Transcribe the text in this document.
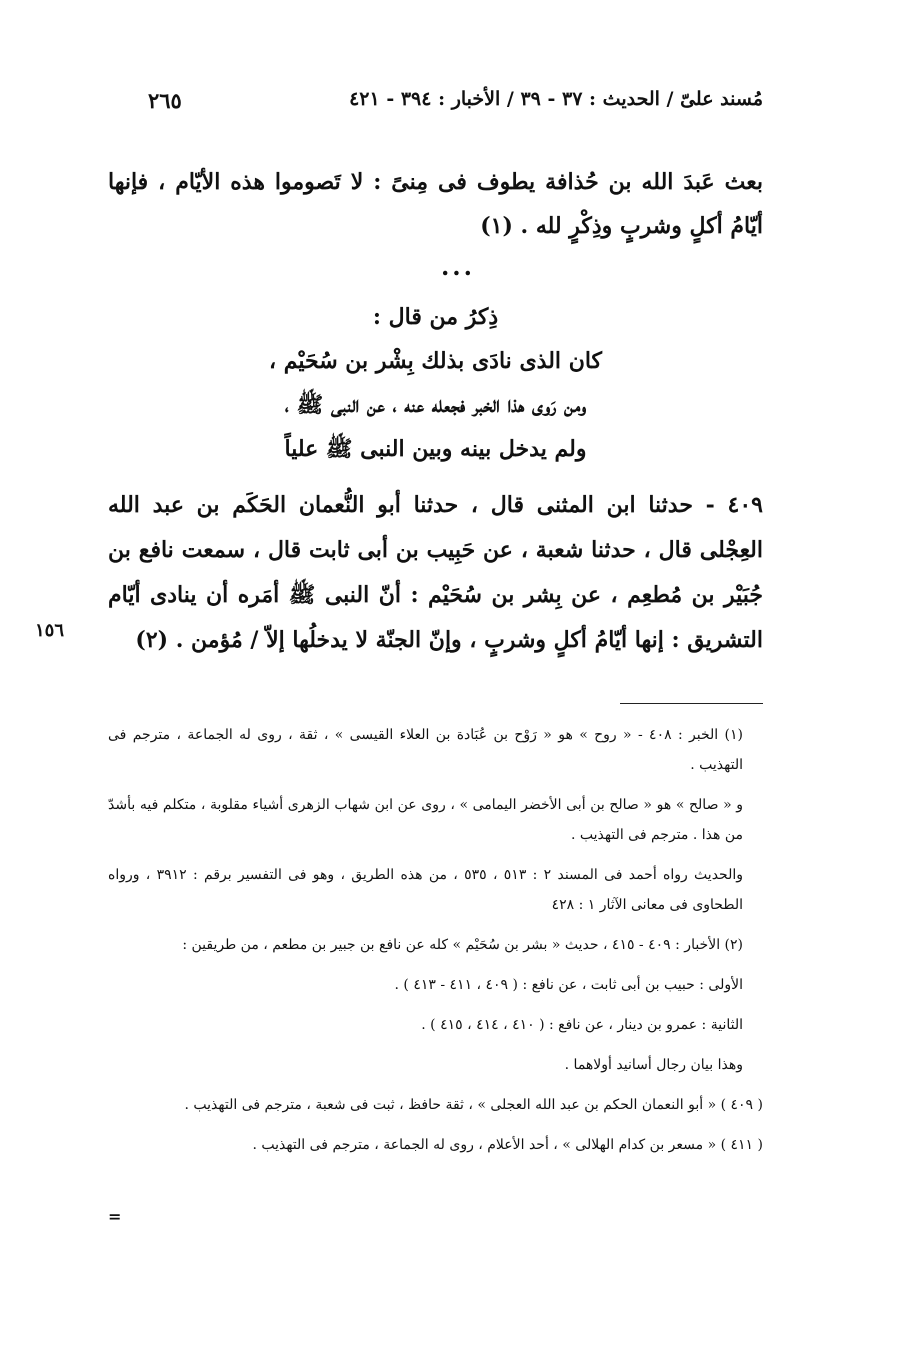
مُسند علىّ / الحديث : ٣٧ - ٣٩ / الأخبار : ٣٩٤ - ٤٢١
٢٦٥
بعث عَبدَ الله بن حُذافة يطوف فى مِنىً : لا تَصوموا هذه الأيّام ، فإنها أيّامُ أكلٍ وشربٍ وذِكْرٍ لله . (١)
...
ذِكرُ من قال :
كان الذى نادَى بذلك بِشْر بن سُحَيْم ،
ومن رَوى هذا الخبر فجعله عنه ، عن النبى ﷺ ،
ولم يدخل بينه وبين النبى ﷺ علياً
٤٠٩ - حدثنا ابن المثنى قال ، حدثنا أبو النُّعمان الحَكَم بن عبد الله العِجْلى قال ، حدثنا شعبة ، عن حَبِيب بن أبى ثابت قال ، سمعت نافع بن جُبَيْر بن مُطعِم ، عن بِشر بن سُحَيْم : أنّ النبى ﷺ أمَره أن ينادى أيّام التشريق : إنها أيّامُ أكلٍ وشربٍ ، وإنّ الجنّة لا يدخلُها إلاّ / مُؤمن . (٢)
١٥٦
(١) الخبر : ٤٠٨ - « روح » هو « رَوْح بن عُبَادة بن العلاء القيسى » ، ثقة ، روى له الجماعة ، مترجم فى التهذيب .
و « صالح » هو « صالح بن أبى الأخضر اليمامى » ، روى عن ابن شهاب الزهرى أشياء مقلوبة ، متكلم فيه بأشدّ من هذا . مترجم فى التهذيب .
والحديث رواه أحمد فى المسند ٢ : ٥١٣ ، ٥٣٥ ، من هذه الطريق ، وهو فى التفسير برقم : ٣٩١٢ ، ورواه الطحاوى فى معانى الآثار ١ : ٤٢٨
(٢) الأخبار : ٤٠٩ - ٤١٥ ، حديث « بشر بن سُحَيْم » كله عن نافع بن جبير بن مطعم ، من طريقين :
الأولى : حبيب بن أبى ثابت ، عن نافع : ( ٤٠٩ ، ٤١١ - ٤١٣ ) .
الثانية : عمرو بن دينار ، عن نافع : ( ٤١٠ ، ٤١٤ ، ٤١٥ ) .
وهذا بيان رجال أسانيد أولاهما .
( ٤٠٩ ) « أبو النعمان الحكم بن عبد الله العجلى » ، ثقة حافظ ، ثبت فى شعبة ، مترجم فى التهذيب .
( ٤١١ ) « مسعر بن كدام الهلالى » ، أحد الأعلام ، روى له الجماعة ، مترجم فى التهذيب .
=
